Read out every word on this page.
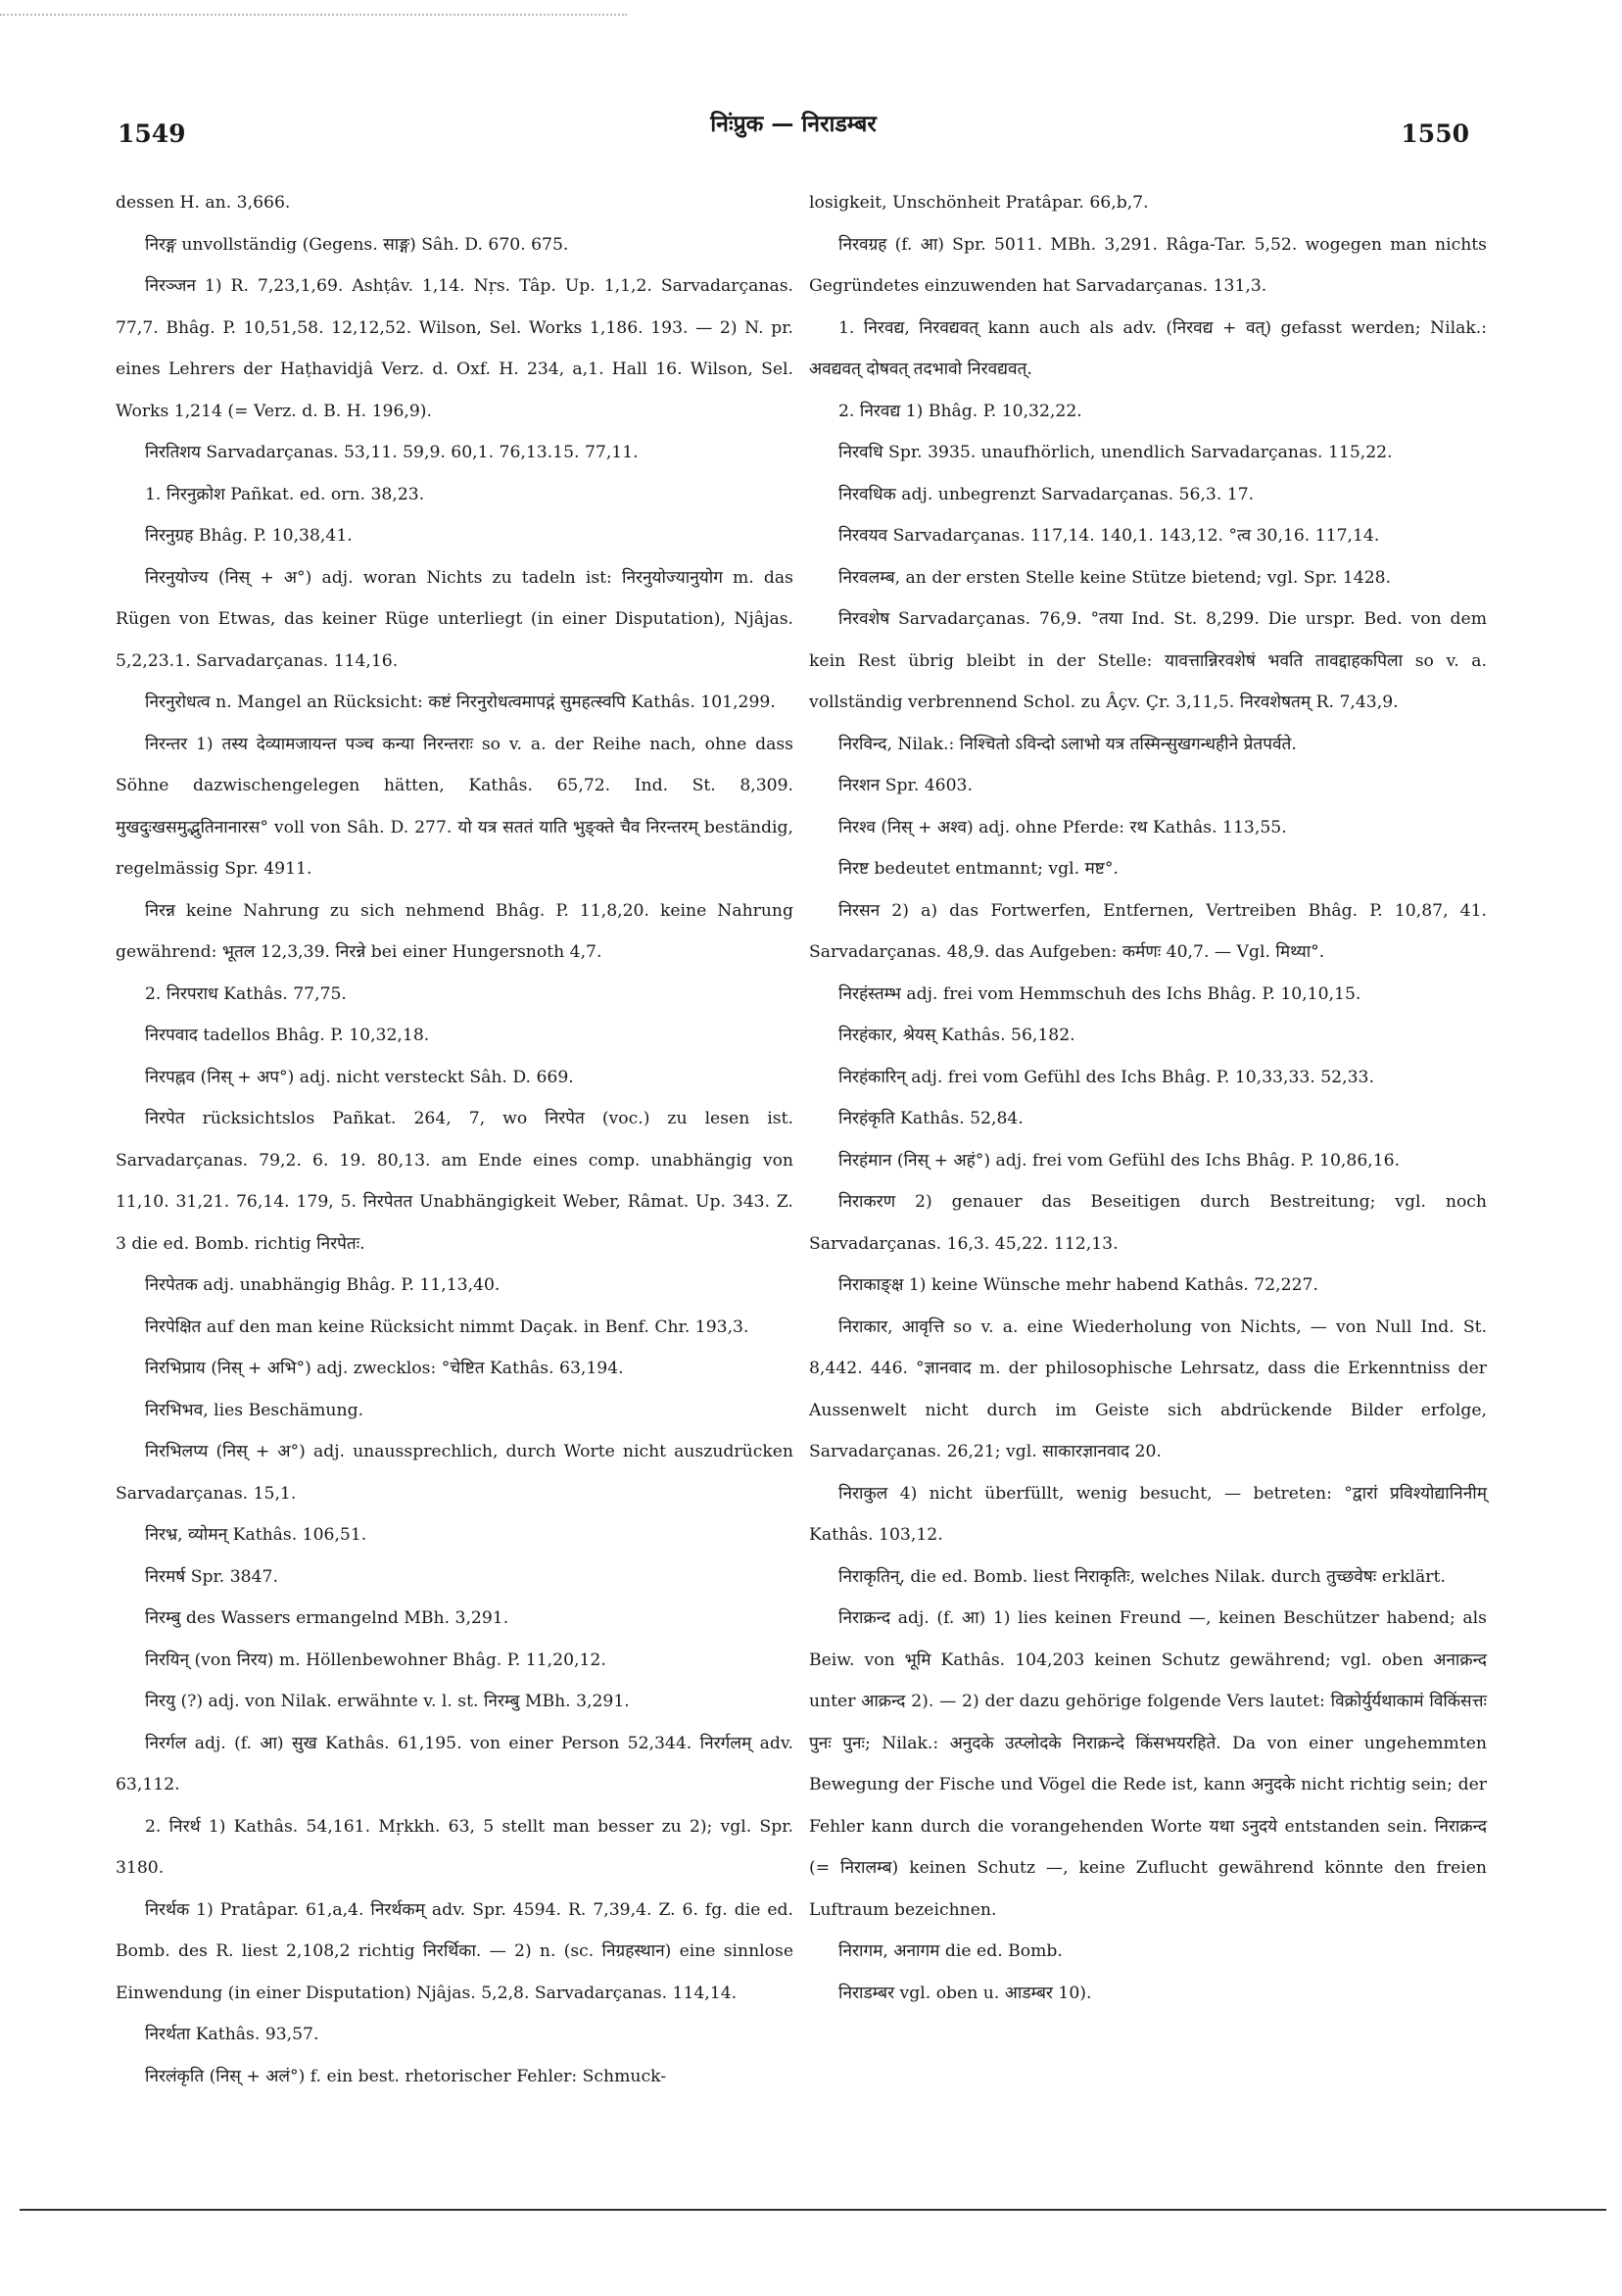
1549	निःंप्रुक — निराडम्बर	1550

dessen H. an. 3,666.

निरङ्ग unvollständig (Gegens. साङ्ग) Sâh. D. 670. 675.

निरञ्जन 1) R. 7,23,1,69. Ashṭâv. 1,14. Nṛs. Tâp. Up. 1,1,2. Sarvadarçanas. 77,7. Bhâg. P. 10,51,58. 12,12,52. Wilson, Sel. Works 1,186. 193. — 2) N. pr. eines Lehrers der Haṭhavidjâ Verz. d. Oxf. H. 234, a,1. Hall 16. Wilson, Sel. Works 1,214 (= Verz. d. B. H. 196,9).

निरतिशय Sarvadarçanas. 53,11. 59,9. 60,1. 76,13.15. 77,11.

1. निरनुक्रोश Pañkat. ed. orn. 38,23.

निरनुग्रह Bhâg. P. 10,38,41.

निरनुयोज्य (निस् + अ°) adj. woran Nichts zu tadeln ist: निरनुयोज्यानुयोग m. das Rügen von Etwas, das keiner Rüge unterliegt (in einer Disputation), Njâjas. 5,2,23.1. Sarvadarçanas. 114,16.

निरनुरोधत्व n. Mangel an Rücksicht: कष्टं निरनुरोधत्वमापद्गं सुमहत्स्वपि Kathâs. 101,299.

निरन्तर 1) तस्य देव्यामजायन्त पञ्च कन्या निरन्तराः so v. a. der Reihe nach, ohne dass Söhne dazwischengelegen hätten, Kathâs. 65,72. Ind. St. 8,309. मुखदुःखसमुद्भुतिनानारस° voll von Sâh. D. 277. यो यत्र सततं याति भुङ्क्ते चैव निरन्तरम् beständig, regelmässig Spr. 4911.

निरन्न keine Nahrung zu sich nehmend Bhâg. P. 11,8,20. keine Nahrung gewährend: भूतल 12,3,39. निरन्ने bei einer Hungersnoth 4,7.

2. निरपराध Kathâs. 77,75.

निरपवाद tadellos Bhâg. P. 10,32,18.

निरपह्नव (निस् + अप°) adj. nicht versteckt Sâh. D. 669.

निरपेत rücksichtslos Pañkat. 264, 7, wo निरपेत (voc.) zu lesen ist. Sarvadarçanas. 79,2. 6. 19. 80,13. am Ende eines comp. unabhängig von 11,10. 31,21. 76,14. 179, 5. निरपेतत Unabhängigkeit Weber, Râmat. Up. 343. Z. 3 die ed. Bomb. richtig निरपेतः.

निरपेतक adj. unabhängig Bhâg. P. 11,13,40.

निरपेक्षित auf den man keine Rücksicht nimmt Daçak. in Benf. Chr. 193,3.

निरभिप्राय (निस् + अभि°) adj. zwecklos: °चेष्टित Kathâs. 63,194.

निरभिभव, lies Beschämung.

निरभिलप्य (निस् + अ°) adj. unaussprechlich, durch Worte nicht auszudrücken Sarvadarçanas. 15,1.

निरभ्र, व्योमन् Kathâs. 106,51.

निरमर्ष Spr. 3847.

निरम्बु des Wassers ermangelnd MBh. 3,291.

निरयिन् (von निरय) m. Höllenbewohner Bhâg. P. 11,20,12.

निरयु (?) adj. von Nilak. erwähnte v. l. st. निरम्बु MBh. 3,291.

निरर्गल adj. (f. आ) सुख Kathâs. 61,195. von einer Person 52,344. निरर्गलम् adv. 63,112.

2. निरर्थ 1) Kathâs. 54,161. Mṛkkh. 63, 5 stellt man besser zu 2); vgl. Spr. 3180.

निरर्थक 1) Pratâpar. 61,a,4. निरर्थकम् adv. Spr. 4594. R. 7,39,4. Z. 6. fg. die ed. Bomb. des R. liest 2,108,2 richtig निरर्थिका. — 2) n. (sc. निग्रहस्थान) eine sinnlose Einwendung (in einer Disputation) Njâjas. 5,2,8. Sarvadarçanas. 114,14.

निरर्थता Kathâs. 93,57.

निरलंकृति (निस् + अलं°) f. ein best. rhetorischer Fehler: Schmuck-

losigkeit, Unschönheit Pratâpar. 66,b,7.

निरवग्रह (f. आ) Spr. 5011. MBh. 3,291. Râga-Tar. 5,52. wogegen man nichts Gegründetes einzuwenden hat Sarvadarçanas. 131,3.

1. निरवद्य, निरवद्यवत् kann auch als adv. (निरवद्य + वत्) gefasst werden; Nilak.: अवद्यवत् दोषवत् तदभावो निरवद्यवत्.

2. निरवद्य 1) Bhâg. P. 10,32,22.

निरवधि Spr. 3935. unaufhörlich, unendlich Sarvadarçanas. 115,22.

निरवधिक adj. unbegrenzt Sarvadarçanas. 56,3. 17.

निरवयव Sarvadarçanas. 117,14. 140,1. 143,12. °त्व 30,16. 117,14.

निरवलम्ब, an der ersten Stelle keine Stütze bietend; vgl. Spr. 1428.

निरवशेष Sarvadarçanas. 76,9. °तया Ind. St. 8,299. Die urspr. Bed. von dem kein Rest übrig bleibt in der Stelle: यावत्तान्निरवशेषं भवति तावद्दाहकपिला so v. a. vollständig verbrennend Schol. zu Âçv. Çr. 3,11,5. निरवशेषतम् R. 7,43,9.

निरविन्द, Nilak.: निश्चितो ऽविन्दो ऽलाभो यत्र तस्मिन्सुखगन्धहीने प्रेतपर्वते.

निरशन Spr. 4603.

निरश्व (निस् + अश्व) adj. ohne Pferde: रथ Kathâs. 113,55.

निरष्ट bedeutet entmannt; vgl. मष्ट°.

निरसन 2) a) das Fortwerfen, Entfernen, Vertreiben Bhâg. P. 10,87, 41. Sarvadarçanas. 48,9. das Aufgeben: कर्मणः 40,7. — Vgl. मिथ्या°.

निरहंस्तम्भ adj. frei vom Hemmschuh des Ichs Bhâg. P. 10,10,15.

निरहंकार, श्रेयस् Kathâs. 56,182.

निरहंकारिन् adj. frei vom Gefühl des Ichs Bhâg. P. 10,33,33. 52,33.

निरहंकृति Kathâs. 52,84.

निरहंमान (निस् + अहं°) adj. frei vom Gefühl des Ichs Bhâg. P. 10,86,16.

निराकरण 2) genauer das Beseitigen durch Bestreitung; vgl. noch Sarvadarçanas. 16,3. 45,22. 112,13.

निराकाङ्क्ष 1) keine Wünsche mehr habend Kathâs. 72,227.

निराकार, आवृत्ति so v. a. eine Wiederholung von Nichts, — von Null Ind. St. 8,442. 446. °ज्ञानवाद m. der philosophische Lehrsatz, dass die Erkenntniss der Aussenwelt nicht durch im Geiste sich abdrückende Bilder erfolge, Sarvadarçanas. 26,21; vgl. साकारज्ञानवाद 20.

निराकुल 4) nicht überfüllt, wenig besucht, — betreten: °द्वारां प्रविश्योद्यानिनीम् Kathâs. 103,12.

निराकृतिन्, die ed. Bomb. liest निराकृतिः, welches Nilak. durch तुच्छवेषः erklärt.

निराक्रन्द adj. (f. आ) 1) lies keinen Freund —, keinen Beschützer habend; als Beiw. von भूमि Kathâs. 104,203 keinen Schutz gewährend; vgl. oben अनाक्रन्द unter आक्रन्द 2). — 2) der dazu gehörige folgende Vers lautet: विक्रोर्युर्यथाकामं विकिंसत्तः पुनः पुनः; Nilak.: अनुदके उत्प्लोदके निराक्रन्दे किंसभयरहिते. Da von einer ungehemmten Bewegung der Fische und Vögel die Rede ist, kann अनुदके nicht richtig sein; der Fehler kann durch die vorangehenden Worte यथा ऽनुदये entstanden sein. निराक्रन्द (= निरालम्ब) keinen Schutz —, keine Zuflucht gewährend könnte den freien Luftraum bezeichnen.

निरागम, अनागम die ed. Bomb.

निराडम्बर vgl. oben u. आडम्बर 10).
